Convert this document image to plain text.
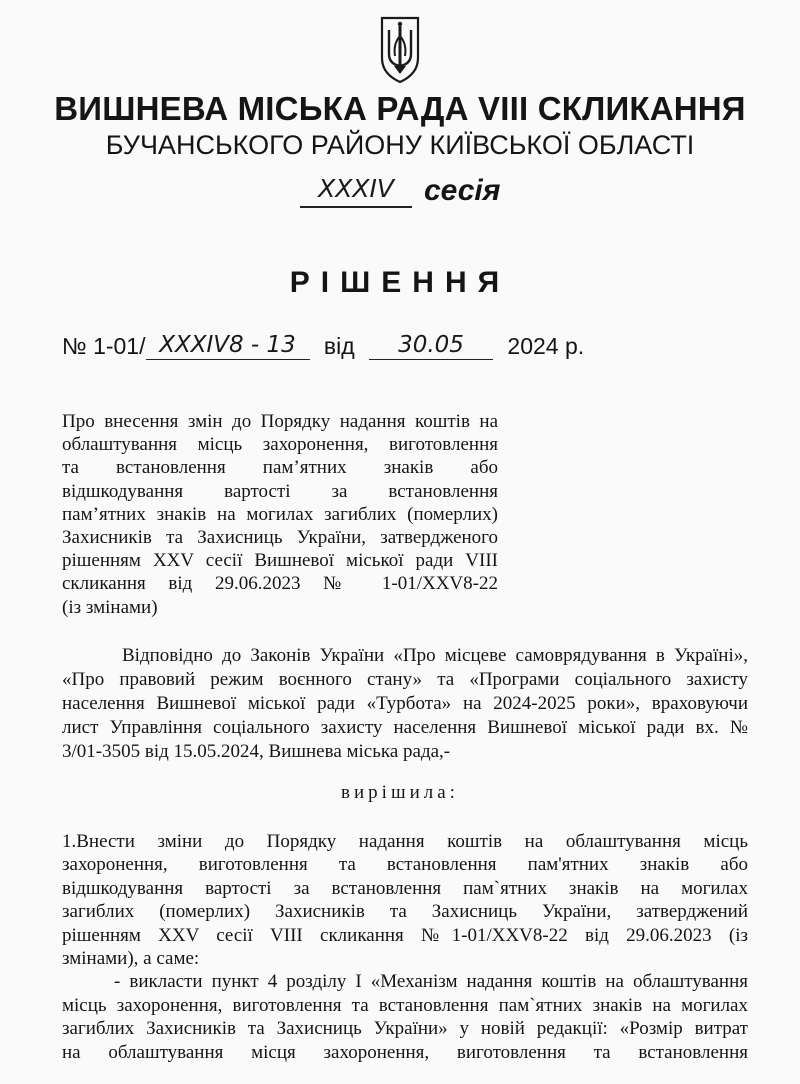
ВИШНЕВА МІСЬКА РАДА VIII СКЛИКАННЯ
БУЧАНСЬКОГО РАЙОНУ КИЇВСЬКОЇ ОБЛАСТІ
XXXIV сесія
РІШЕННЯ
№ 1-01/ XXXIV8 - 13 від 30.05 2024 р.
Про внесення змін до Порядку надання коштів на
облаштування місць захоронення, виготовлення
та встановлення пам’ятних знаків або
відшкодування вартості за встановлення
пам’ятних знаків на могилах загиблих (померлих)
Захисників та Захисниць України, затвердженого
рішенням XXV сесії Вишневої міської ради VIII
скликання від 29.06.2023 № 1-01/XXV8-22
(із змінами)
Відповідно до Законів України «Про місцеве самоврядування в Україні»,
«Про правовий режим воєнного стану» та «Програми соціального захисту
населення Вишневої міської ради «Турбота» на 2024-2025 роки», враховуючи
лист Управління соціального захисту населення Вишневої міської ради вх. №
3/01-3505 від 15.05.2024, Вишнева міська рада,-
вирішила:
1.Внести зміни до Порядку надання коштів на облаштування місць
захоронення, виготовлення та встановлення пам'ятних знаків або
відшкодування вартості за встановлення пам`ятних знаків на могилах
загиблих (померлих) Захисників та Захисниць України, затверджений
рішенням XXV сесії VIII скликання №1-01/XXV8-22 від 29.06.2023 (із
змінами), а саме:
- викласти пункт 4 розділу I «Механізм надання коштів на облаштування
місць захоронення, виготовлення та встановлення пам`ятних знаків на могилах
загиблих Захисників та Захисниць України» у новій редакції: «Розмір витрат
на облаштування місця захоронення, виготовлення та встановлення
